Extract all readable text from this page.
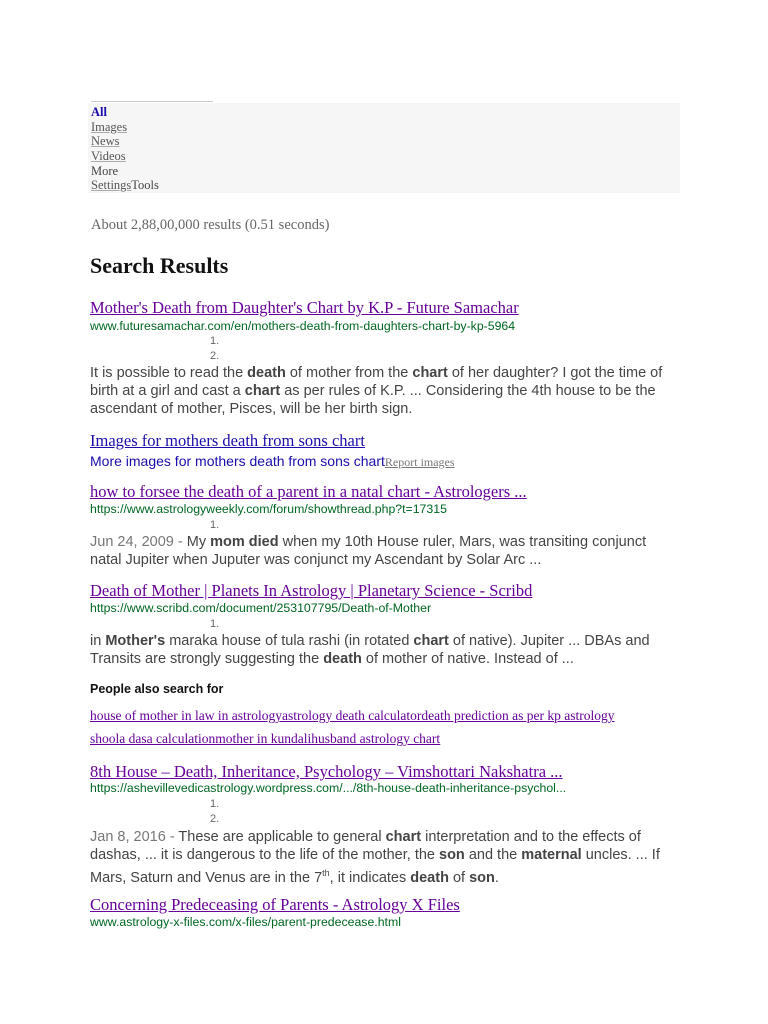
All
Images
News
Videos
More
SettingsTools
About 2,88,00,000 results (0.51 seconds)
Search Results
Mother's Death from Daughter's Chart by K.P - Future Samachar
www.futuresamachar.com/en/mothers-death-from-daughters-chart-by-kp-5964
1.
2.
It is possible to read the death of mother from the chart of her daughter? I got the time of birth at a girl and cast a chart as per rules of K.P. ... Considering the 4th house to be the ascendant of mother, Pisces, will be her birth sign.
Images for mothers death from sons chart
More images for mothers death from sons chartReport images
how to forsee the death of a parent in a natal chart - Astrologers ...
https://www.astrologyweekly.com/forum/showthread.php?t=17315
1.
Jun 24, 2009 - My mom died when my 10th House ruler, Mars, was transiting conjunct natal Jupiter when Juputer was conjunct my Ascendant by Solar Arc ...
Death of Mother | Planets In Astrology | Planetary Science - Scribd
https://www.scribd.com/document/253107795/Death-of-Mother
1.
in Mother's maraka house of tula rashi (in rotated chart of native). Jupiter ... DBAs and Transits are strongly suggesting the death of mother of native. Instead of ...
People also search for
house of mother in law in astrologyastrology death calculatordeath prediction as per kp astrology
shoola dasa calculationmother in kundalihusband astrology chart
8th House – Death, Inheritance, Psychology – Vimshottari Nakshatra ...
https://ashevillevedicastrology.wordpress.com/.../8th-house-death-inheritance-psychol...
1.
2.
Jan 8, 2016 - These are applicable to general chart interpretation and to the effects of dashas, ... it is dangerous to the life of the mother, the son and the maternal uncles. ... If Mars, Saturn and Venus are in the 7th, it indicates death of son.
Concerning Predeceasing of Parents - Astrology X Files
www.astrology-x-files.com/x-files/parent-predecease.html
